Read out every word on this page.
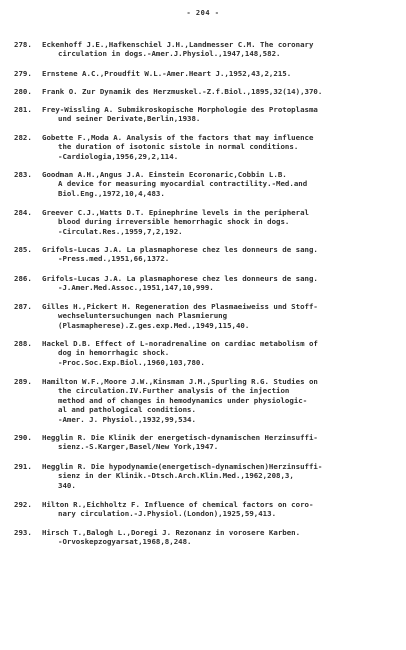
- 204 -
278.	Eckenhoff J.E.,Hafkenschiel J.H.,Landmesser C.M. The coronary
circulation in dogs.-Amer.J.Physiol.,1947,148,582.
279.	Ernstene A.C.,Proudfit W.L.-Amer.Heart J.,1952,43,2,215.
280.	Frank O. Zur Dynamik des Herzmuskel.-Z.f.Biol.,1895,32(14),370.
281.	Frey-Wissling A. Submikroskopische Morphologie des Protoplasma
und seiner Derivate,Berlin,1938.
282.	Gobette F.,Moda A. Analysis of the factors that may influence
the duration of isotonic sistole in normal conditions.
-Cardiologia,1956,29,2,114.
283.	Goodman A.H.,Angus J.A. Einstein Ecoronaric,Cobbin L.B.
A device for measuring myocardial contractility.-Med.and
Biol.Eng.,1972,10,4,483.
284.	Greever C.J.,Watts D.T. Epinephrine levels in the peripheral
blood during irreversible hemorrhagic shock in dogs.
-Circulat.Res.,1959,7,2,192.
285.	Grifols-Lucas J.A. La plasmaphorese chez les donneurs de sang.
-Press.med.,1951,66,1372.
286.	Grifols-Lucas J.A. La plasmaphorese chez les donneurs de sang.
-J.Amer.Med.Assoc.,1951,147,10,999.
287.	Gilles H.,Pickert H. Regeneration des Plasmaeiweiss und Stoff-
wechseluntersuchungen nach Plasmierung
(Plasmapherese).Z.ges.exp.Med.,1949,115,40.
288.	Hackel D.B. Effect of L-noradrenaline on cardiac metabolism of
dog in hemorrhagic shock.
-Proc.Soc.Exp.Biol.,1960,103,780.
289.	Hamilton W.F.,Moore J.W.,Kinsman J.M.,Spurling R.G. Studies on
the circulation.IV.Further analysis of the injection
method and of changes in hemodynamics under physiologic-
al and pathological conditions.
-Amer. J. Physiol.,1932,99,534.
290.	Hegglin R. Die Klinik der energetisch-dynamischen Herzinsuffi-
sienz.-S.Karger,Basel/New York,1947.
291.	Hegglin R. Die hypodynamie(energetisch-dynamischen)Herzinsuffi-
sienz in der Klinik.-Dtsch.Arch.Klin.Med.,1962,208,3,
340.
292.	Hilton R.,Eichholtz F. Influence of chemical factors on coro-
nary circulation.-J.Physiol.(London),1925,59,413.
293.	Hirsch T.,Balogh L.,Doregi J. Rezonanz in vorosere Karben.
-Orvoskepzogyarsat,1968,8,248.
